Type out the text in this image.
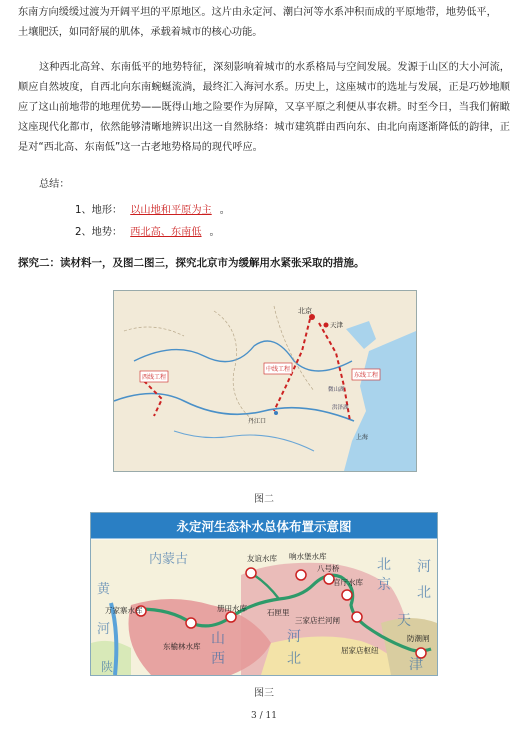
东南方向缓缓过渡为开阔平坦的平原地区。这片由永定河、潮白河等水系冲积而成的平原地带，地势低平，
土壤肥沃，如同舒展的肌体，承载着城市的核心功能。

这种西北高耸、东南低平的地势特征，深刻影响着城市的水系格局与空间发展。发源于山区的大小河流，顺应自然坡度，自西北向东南蜿蜒流淌，最终汇入海河水系。历史上，这座城市的选址与发展，正是巧妙地顺应了这山前地带的地理优势——既得山地之险要作为屏障，又享平原之利便从事农耕。时至今日，当我们俯瞰这座现代化都市，依然能够清晰地辨识出这一自然脉络：城市建筑群由西向东、由北向南逐渐降低的韵律，正是对“西北高、东南低”这一古老地势格局的现代呼应。

总结：
1、地形： 以山地和平原为主 。
2、地势： 西北高、东南低 。
探究二：读材料一，及图二图三，探究北京市为缓解用水紧张采取的措施。
北京
天津
中线工程
东线工程
西线工程
丹江口
上海
微山湖
洪泽湖
图二
永定河生态补水总体布置示意图
友谊水库 响水堡水库
八号桥
官厅水库
册田水库	石匣里
三家店拦河闸
万家寨水库
东榆林水库	屈家店枢纽
防潮闸
内蒙古
山
西
河
北
北
京
天
津
河
北
黄
河
陕
图三
3 / 11
